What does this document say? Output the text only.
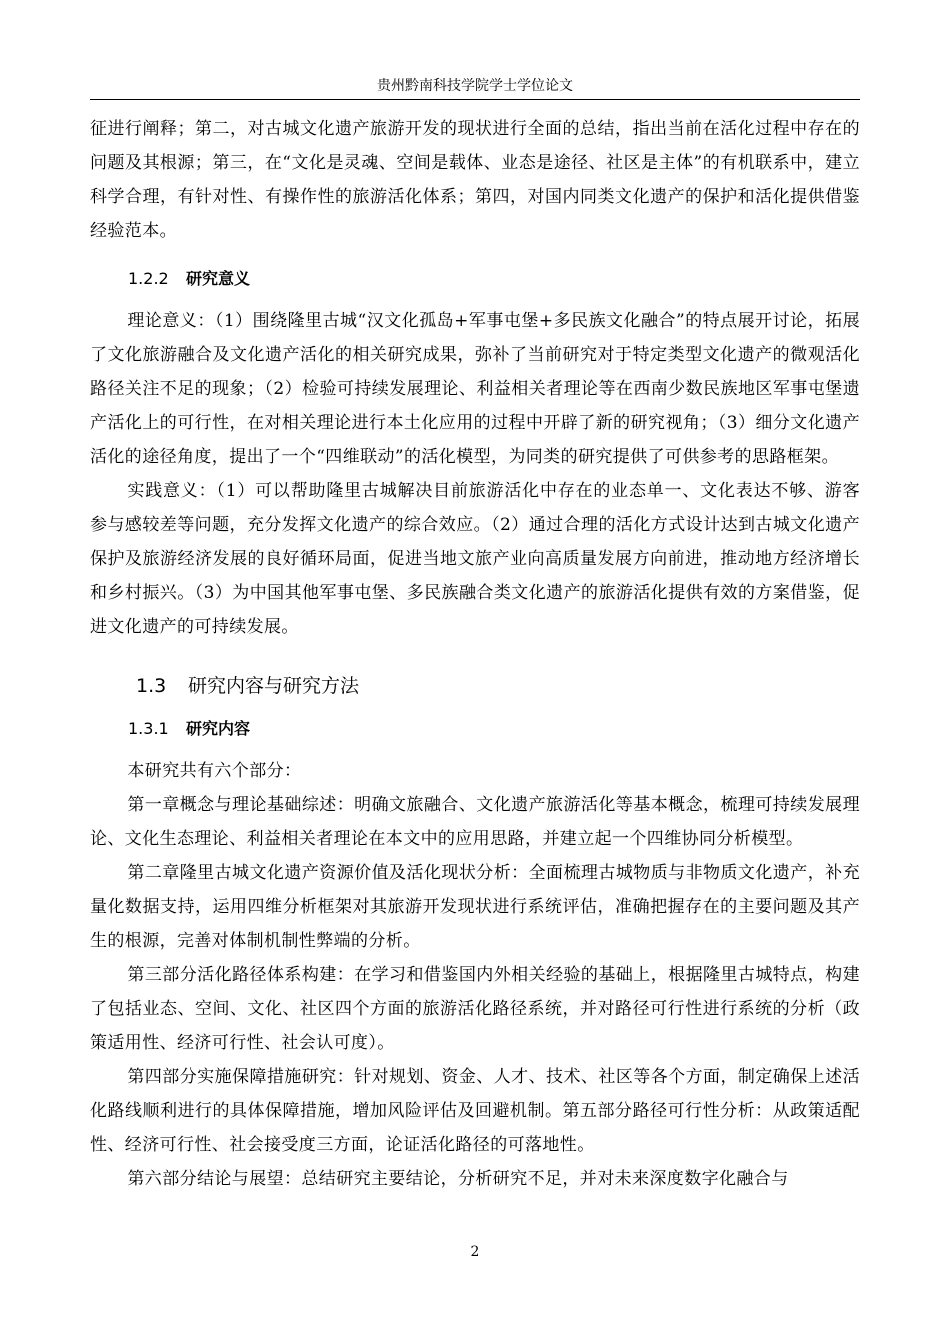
贵州黔南科技学院学士学位论文

征进行阐释；第二，对古城文化遗产旅游开发的现状进行全面的总结，指出当前在活化过程中存在的问题及其根源；第三，在“文化是灵魂、空间是载体、业态是途径、社区是主体”的有机联系中，建立科学合理，有针对性、有操作性的旅游活化体系；第四，对国内同类文化遗产的保护和活化提供借鉴经验范本。

1.2.2 研究意义

理论意义：（1）围绕隆里古城“汉文化孤岛+军事屯堡+多民族文化融合”的特点展开讨论，拓展了文化旅游融合及文化遗产活化的相关研究成果，弥补了当前研究对于特定类型文化遗产的微观活化路径关注不足的现象；（2）检验可持续发展理论、利益相关者理论等在西南少数民族地区军事屯堡遗产活化上的可行性，在对相关理论进行本土化应用的过程中开辟了新的研究视角；（3）细分文化遗产活化的途径角度，提出了一个“四维联动”的活化模型，为同类的研究提供了可供参考的思路框架。

实践意义：（1）可以帮助隆里古城解决目前旅游活化中存在的业态单一、文化表达不够、游客参与感较差等问题，充分发挥文化遗产的综合效应。（2）通过合理的活化方式设计达到古城文化遗产保护及旅游经济发展的良好循环局面，促进当地文旅产业向高质量发展方向前进，推动地方经济增长和乡村振兴。（3）为中国其他军事屯堡、多民族融合类文化遗产的旅游活化提供有效的方案借鉴，促进文化遗产的可持续发展。

1.3 研究内容与研究方法
1.3.1 研究内容

本研究共有六个部分：

第一章概念与理论基础综述：明确文旅融合、文化遗产旅游活化等基本概念，梳理可持续发展理论、文化生态理论、利益相关者理论在本文中的应用思路，并建立起一个四维协同分析模型。

第二章隆里古城文化遗产资源价值及活化现状分析：全面梳理古城物质与非物质文化遗产，补充量化数据支持，运用四维分析框架对其旅游开发现状进行系统评估，准确把握存在的主要问题及其产生的根源，完善对体制机制性弊端的分析。

第三部分活化路径体系构建：在学习和借鉴国内外相关经验的基础上，根据隆里古城特点，构建了包括业态、空间、文化、社区四个方面的旅游活化路径系统，并对路径可行性进行系统的分析（政策适用性、经济可行性、社会认可度）。

第四部分实施保障措施研究：针对规划、资金、人才、技术、社区等各个方面，制定确保上述活化路线顺利进行的具体保障措施，增加风险评估及回避机制。第五部分路径可行性分析：从政策适配性、经济可行性、社会接受度三方面，论证活化路径的可落地性。

第六部分结论与展望：总结研究主要结论，分析研究不足，并对未来深度数字化融合与

2
